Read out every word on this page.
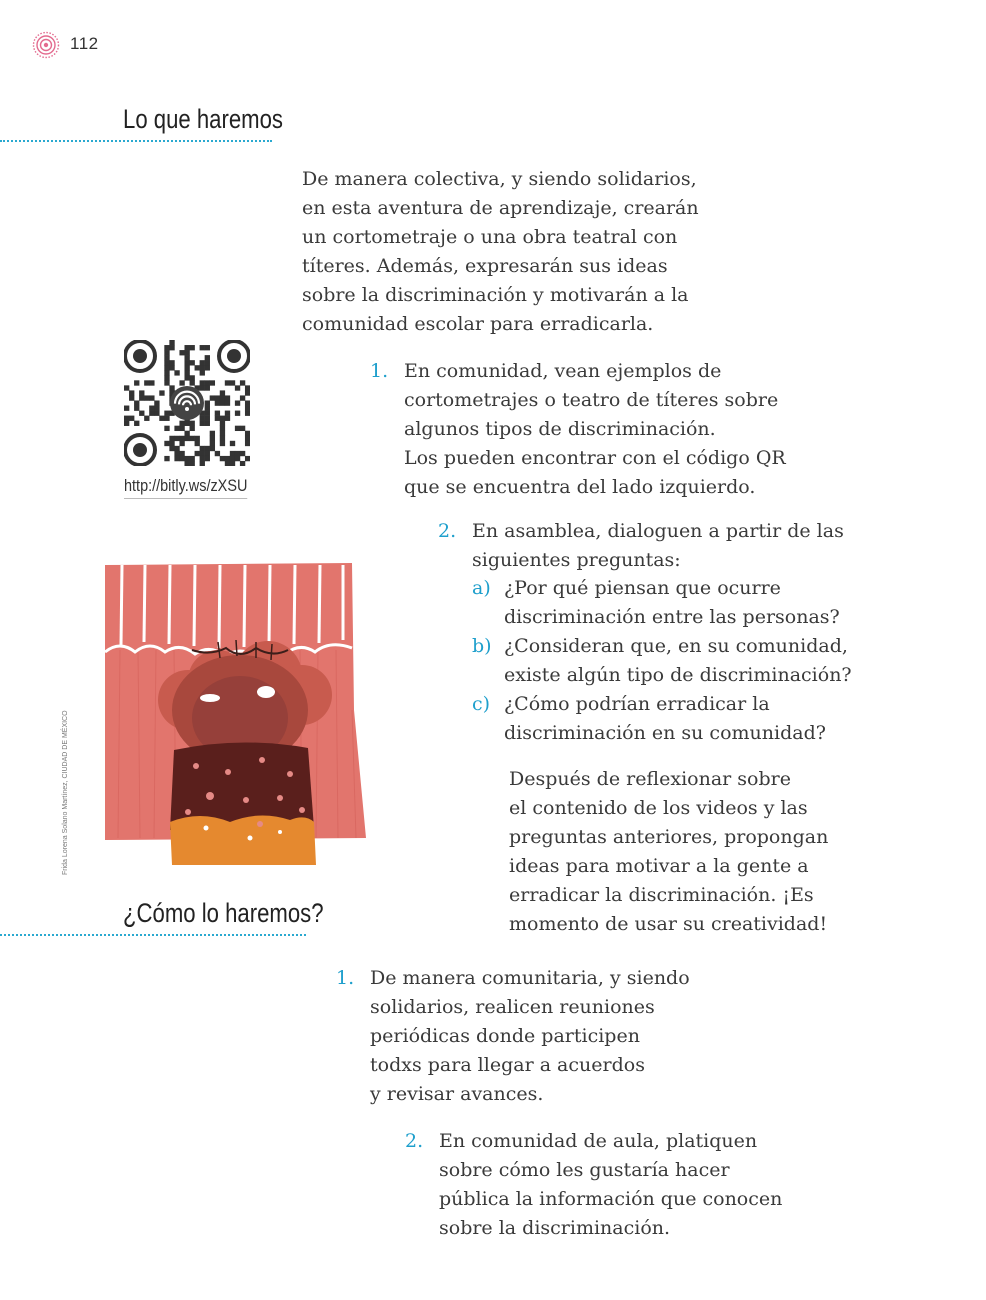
112
Lo que haremos
De manera colectiva, y siendo solidarios,
en esta aventura de aprendizaje, crearán
un cortometraje o una obra teatral con
títeres. Además, expresarán sus ideas
sobre la discriminación y motivarán a la
comunidad escolar para erradicarla.
http://bitly.ws/zXSU
1. En comunidad, vean ejemplos de
cortometrajes o teatro de títeres sobre
algunos tipos de discriminación.
Los pueden encontrar con el código QR
que se encuentra del lado izquierdo.
2. En asamblea, dialoguen a partir de las
siguientes preguntas:
a) ¿Por qué piensan que ocurre
discriminación entre las personas?
b) ¿Consideran que, en su comunidad,
existe algún tipo de discriminación?
c) ¿Cómo podrían erradicar la
discriminación en su comunidad?
Después de reflexionar sobre
el contenido de los videos y las
preguntas anteriores, propongan
ideas para motivar a la gente a
erradicar la discriminación. ¡Es
momento de usar su creatividad!
Frida Lorena Solano Martínez, CIUDAD DE MÉXICO
¿Cómo lo haremos?
1. De manera comunitaria, y siendo
solidarios, realicen reuniones
periódicas donde participen
todxs para llegar a acuerdos
y revisar avances.
2. En comunidad de aula, platiquen
sobre cómo les gustaría hacer
pública la información que conocen
sobre la discriminación.
